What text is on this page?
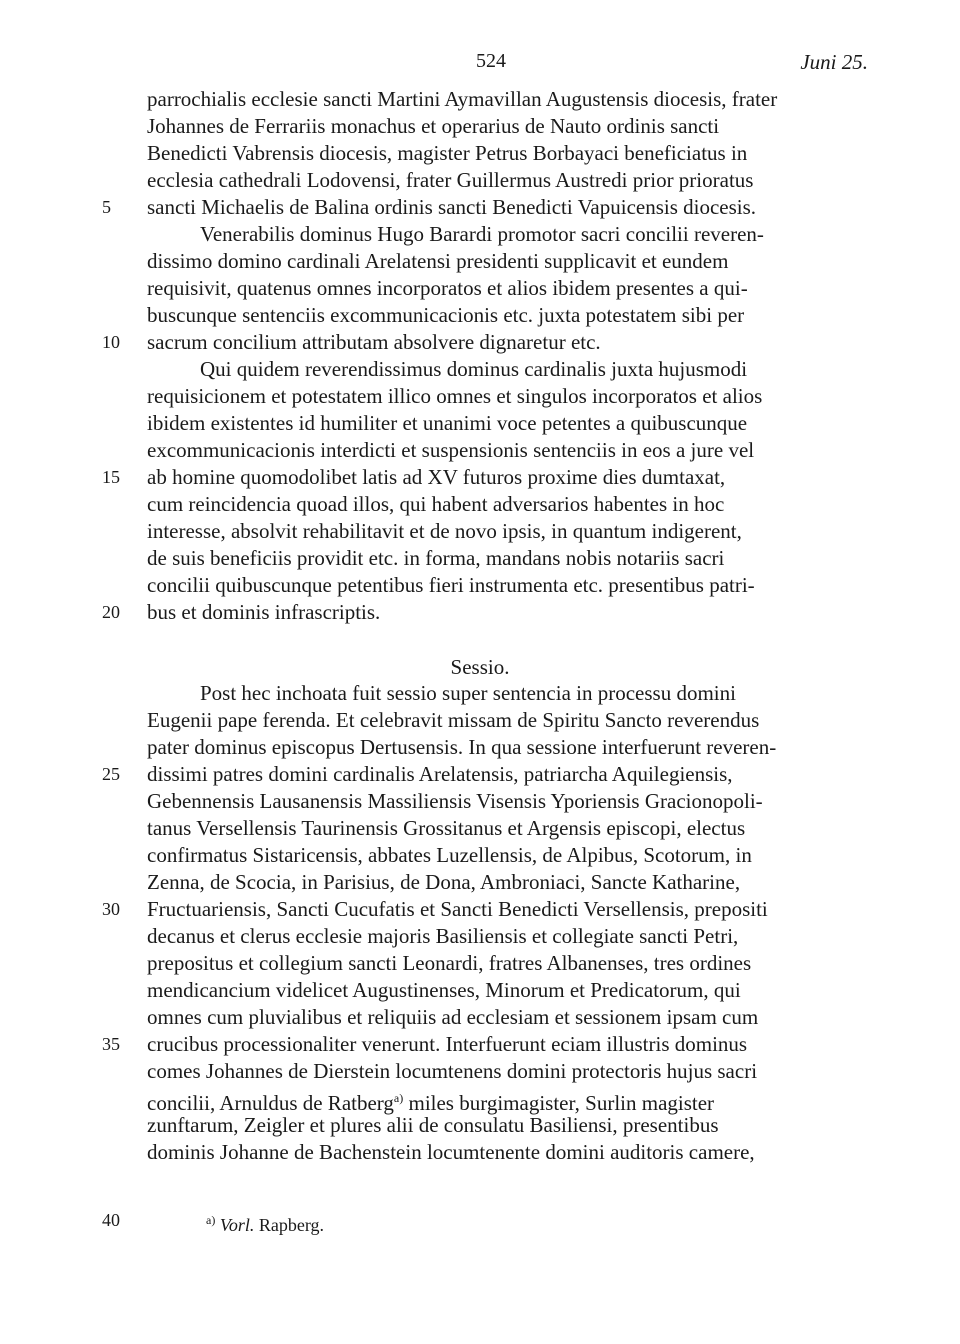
524	Juni 25.
parrochialis ecclesie sancti Martini Aymavillan Augustensis diocesis, frater
Johannes de Ferrariis monachus et operarius de Nauto ordinis sancti
Benedicti Vabrensis diocesis, magister Petrus Borbayaci beneficiatus in
ecclesia cathedrali Lodovensi, frater Guillermus Austredi prior prioratus
sancti Michaelis de Balina ordinis sancti Benedicti Vapuicensis diocesis.
Venerabilis dominus Hugo Barardi promotor sacri concilii reveren-
dissimo domino cardinali Arelatensi presidenti supplicavit et eundem
requisivit, quatenus omnes incorporatos et alios ibidem presentes a qui-
buscunque sentenciis excommunicacionis etc. juxta potestatem sibi per
sacrum concilium attributam absolvere dignaretur etc.
Qui quidem reverendissimus dominus cardinalis juxta hujusmodi
requisicionem et potestatem illico omnes et singulos incorporatos et alios
ibidem existentes id humiliter et unanimi voce petentes a quibuscunque
excommunicacionis interdicti et suspensionis sentenciis in eos a jure vel
ab homine quomodolibet latis ad XV futuros proxime dies dumtaxat,
cum reincidencia quoad illos, qui habent adversarios habentes in hoc
interesse, absolvit rehabilitavit et de novo ipsis, in quantum indigerent,
de suis beneficiis providit etc. in forma, mandans nobis notariis sacri
concilii quibuscunque petentibus fieri instrumenta etc. presentibus patri-
bus et dominis infrascriptis.
Sessio.
Post hec inchoata fuit sessio super sentencia in processu domini
Eugenii pape ferenda. Et celebravit missam de Spiritu Sancto reverendus
pater dominus episcopus Dertusensis. In qua sessione interfuerunt reveren-
dissimi patres domini cardinalis Arelatensis, patriarcha Aquilegiensis,
Gebennensis Lausanensis Massiliensis Visensis Yporiensis Gracionopoli-
tanus Versellensis Taurinensis Grossitanus et Argensis episcopi, electus
confirmatus Sistaricensis, abbates Luzellensis, de Alpibus, Scotorum, in
Zenna, de Scocia, in Parisius, de Dona, Ambroniaci, Sancte Katharine,
Fructuariensis, Sancti Cucufatis et Sancti Benedicti Versellensis, prepositi
decanus et clerus ecclesie majoris Basiliensis et collegiate sancti Petri,
prepositus et collegium sancti Leonardi, fratres Albanenses, tres ordines
mendicancium videlicet Augustinenses, Minorum et Predicatorum, qui
omnes cum pluvialibus et reliquiis ad ecclesiam et sessionem ipsam cum
crucibus processionaliter venerunt. Interfuerunt eciam illustris dominus
comes Johannes de Dierstein locumtenens domini protectoris hujus sacri
concilii, Arnuldus de Ratberg$^{a)}$ miles burgimagister, Surlin magister
zunftarum, Zeigler et plures alii de consulatu Basiliensi, presentibus
dominis Johanne de Bachenstein locumtenente domini auditoris camere,
5
10
15
20
25
30
35
40	$^{a)}$ Vorl. Rapberg.
